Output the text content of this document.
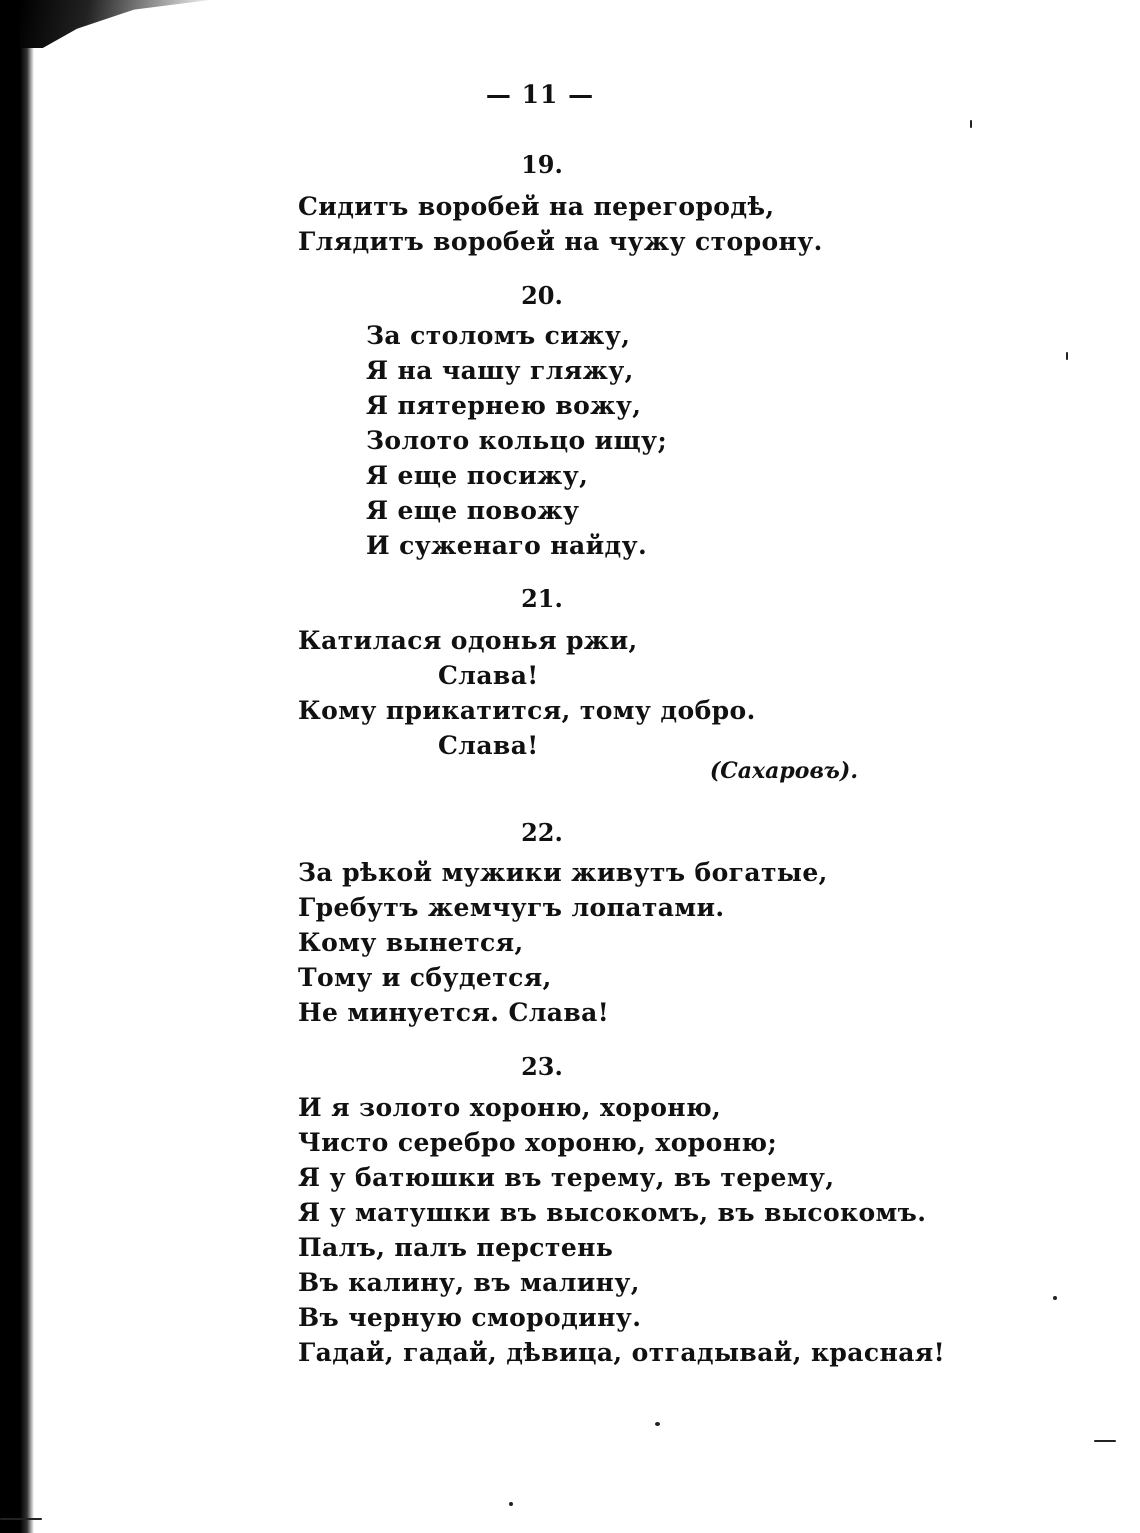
— 11 —
19.
Сидитъ воробей на перегородѣ,
Глядитъ воробей на чужу сторону.
20.
За столомъ сижу,
Я на чашу гляжу,
Я пятернею вожу,
Золото кольцо ищу;
Я еще посижу,
Я еще повожу
И суженаго найду.
21.
Катилася одонья ржи,
Слава!
Кому прикатится, тому добро.
Слава!
(Сахаровъ).
22.
За рѣкой мужики живутъ богатые,
Гребутъ жемчугъ лопатами.
Кому вынется,
Тому и сбудется,
Не минуется. Слава!
23.
И я золото хороню, хороню,
Чисто серебро хороню, хороню;
Я у батюшки въ терему, въ терему,
Я у матушки въ высокомъ, въ высокомъ.
Палъ, палъ перстень
Въ калину, въ малину,
Въ черную смородину.
Гадай, гадай, дѣвица, отгадывай, красная!
